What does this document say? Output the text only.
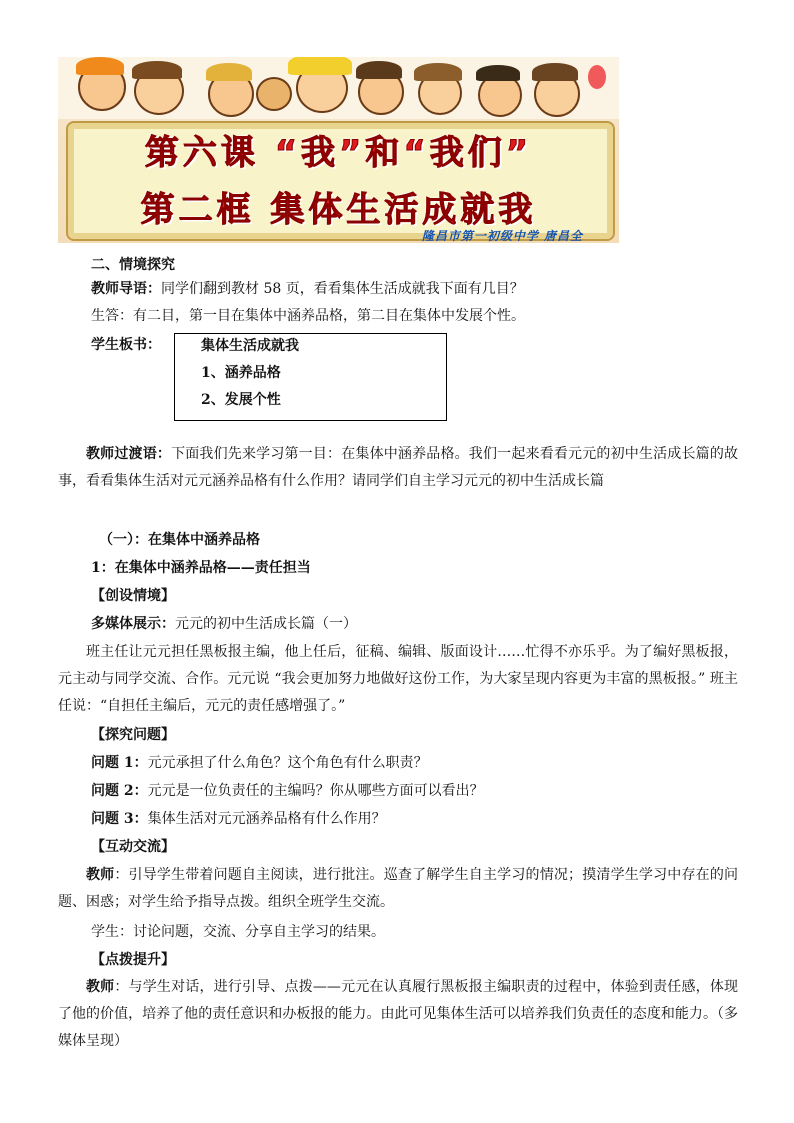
第六课 “我”和“我们”
第二框 集体生活成就我
隆昌市第一初级中学 唐昌全
二、情境探究
教师导语：同学们翻到教材 58 页，看看集体生活成就我下面有几目？
生答：有二目，第一目在集体中涵养品格，第二目在集体中发展个性。
学生板书：	集体生活成就我
1、涵养品格
2、发展个性
教师过渡语：下面我们先来学习第一目：在集体中涵养品格。我们一起来看看元元的初中生活成长篇的故事，看看集体生活对元元涵养品格有什么作用？请同学们自主学习元元的初中生活成长篇
（一）：在集体中涵养品格
1：在集体中涵养品格——责任担当
【创设情境】
多媒体展示：元元的初中生活成长篇（一）
班主任让元元担任黑板报主编，他上任后，征稿、编辑、版面设计……忙得不亦乐乎。为了编好黑板报，元主动与同学交流、合作。元元说 “我会更加努力地做好这份工作，为大家呈现内容更为丰富的黑板报。” 班主任说：“自担任主编后，元元的责任感增强了。”
【探究问题】
问题 1：元元承担了什么角色？这个角色有什么职责？
问题 2：元元是一位负责任的主编吗？你从哪些方面可以看出？
问题 3：集体生活对元元涵养品格有什么作用？
【互动交流】
教师：引导学生带着问题自主阅读，进行批注。巡查了解学生自主学习的情况；摸清学生学习中存在的问题、困惑；对学生给予指导点拨。组织全班学生交流。
学生：讨论问题，交流、分享自主学习的结果。
【点拨提升】
教师：与学生对话，进行引导、点拨——元元在认真履行黑板报主编职责的过程中，体验到责任感，体现了他的价值，培养了他的责任意识和办板报的能力。由此可见集体生活可以培养我们负责任的态度和能力。（多媒体呈现）
